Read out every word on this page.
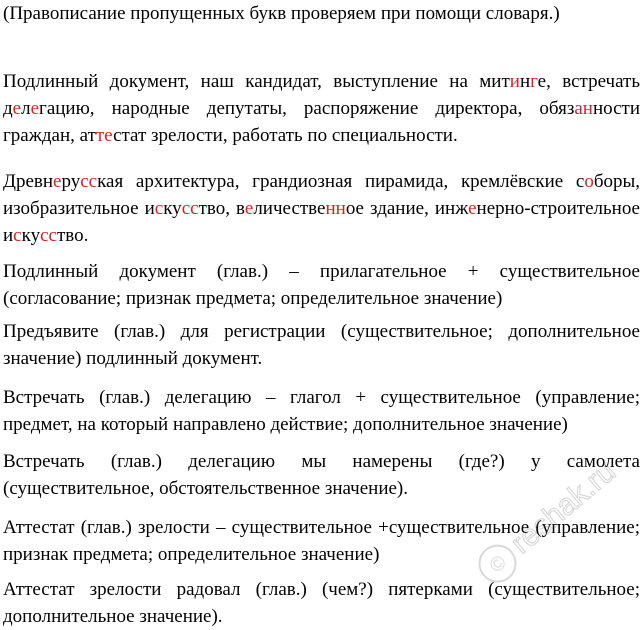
(Правописание пропущенных букв проверяем при помощи словаря.)

Подлинный документ, наш кандидат, выступление на митинге, встречать делегацию, народные депутаты, распоряжение директора, обязанности граждан, аттестат зрелости, работать по специальности.

Древнерусская архитектура, грандиозная пирамида, кремлёвские соборы, изобразительное искусство, величественное здание, инженерно-строительное искусство.

Подлинный документ (глав.) – прилагательное + существительное (согласование; признак предмета; определительное значение)

Предъявите (глав.) для регистрации (существительное; дополнительное значение) подлинный документ.

Встречать (глав.) делегацию – глагол + существительное (управление; предмет, на который направлено действие; дополнительное значение)

Встречать (глав.) делегацию мы намерены (где?) у самолета (существительное, обстоятельственное значение).

Аттестат (глав.) зрелости – существительное +существительное (управление; признак предмета; определительное значение)

Аттестат зрелости радовал (глав.) (чем?) пятерками (существительное; дополнительное значение).

©
reshak.ru
